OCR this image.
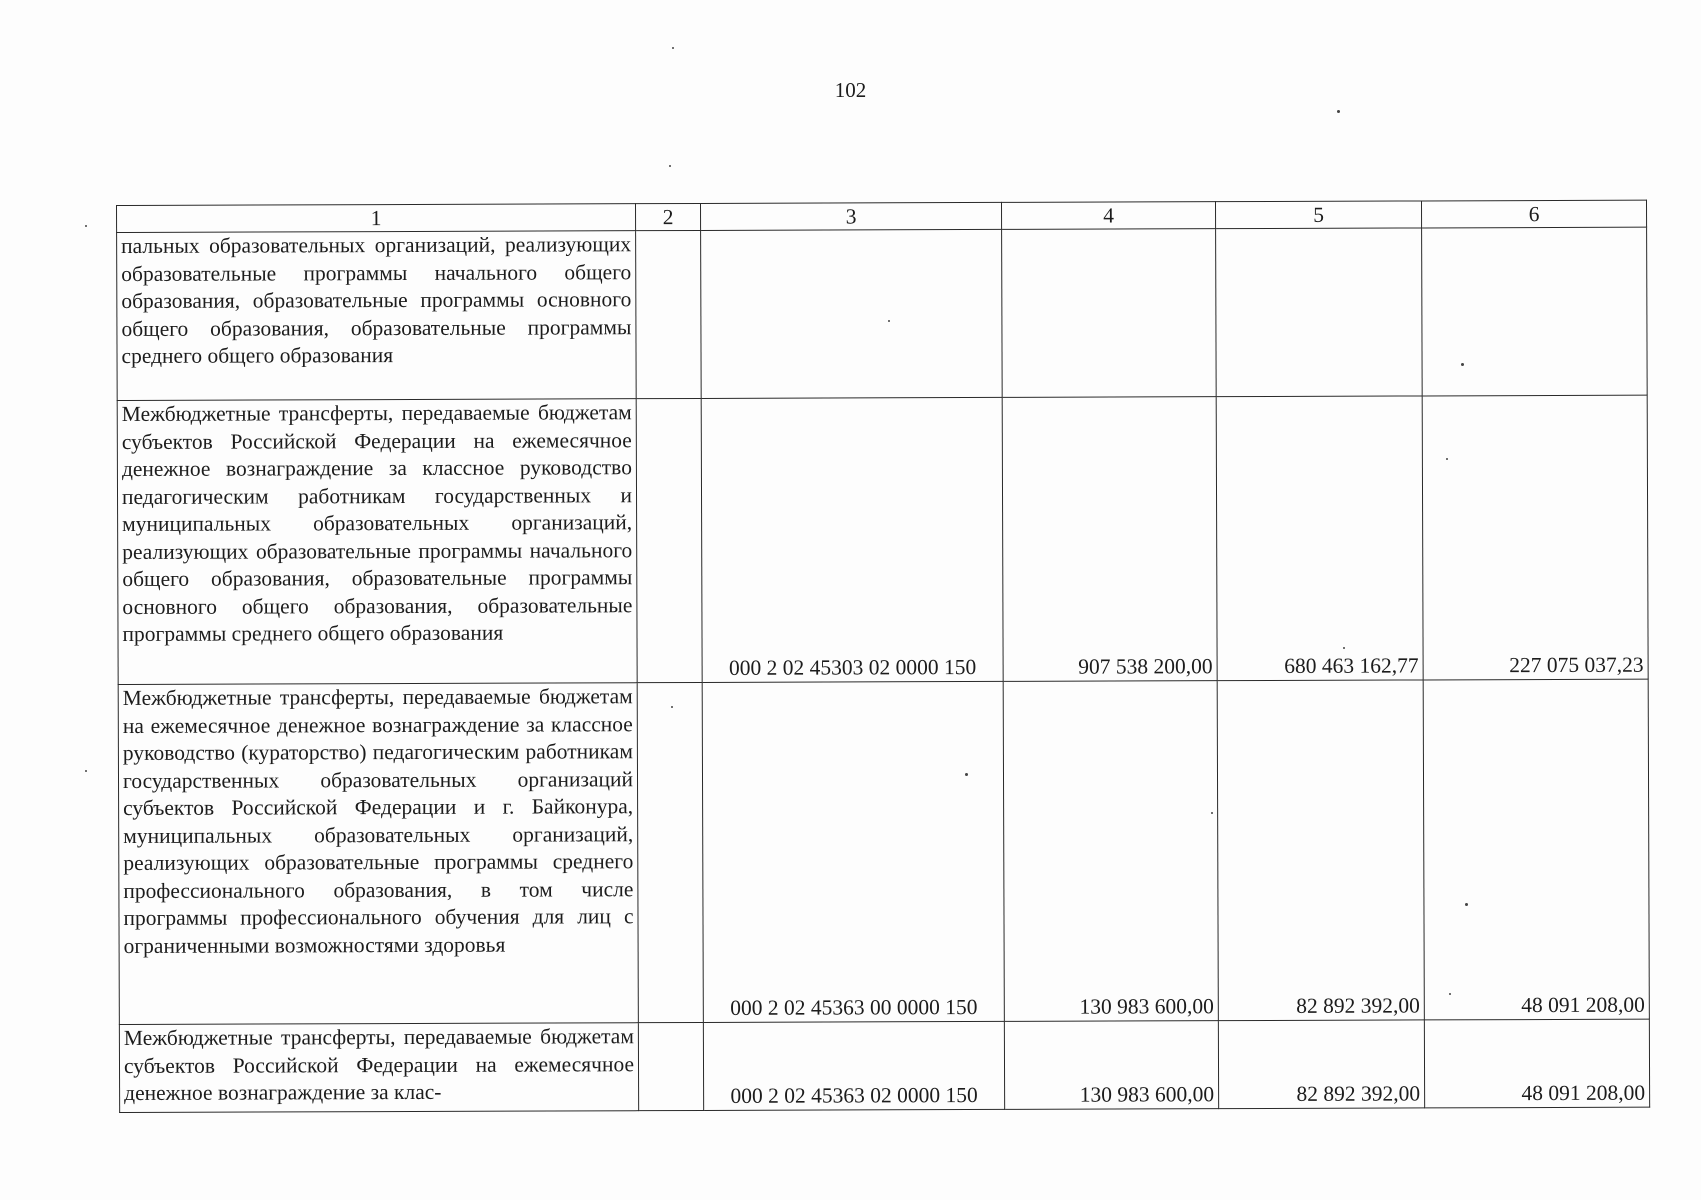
102
1	2	3	4	5	6
пальных образовательных организаций, реализующих образовательные программы начального общего образования, образовательные программы основного общего образования, образовательные программы среднего общего образования					
Межбюджетные трансферты, передаваемые бюджетам субъектов Российской Федерации на ежемесячное денежное вознаграждение за классное руководство педагогическим работникам государственных и муниципальных образовательных организаций, реализующих образовательные программы начального общего образования, образовательные программы основного общего образования, образовательные программы среднего общего образования		000 2 02 45303 02 0000 150	907 538 200,00	680 463 162,77	227 075 037,23
Межбюджетные трансферты, передаваемые бюджетам на ежемесячное денежное вознаграждение за классное руководство (кураторство) педагогическим работникам государственных образовательных организаций субъектов Российской Федерации и г. Байконура, муниципальных образовательных организаций, реализующих образовательные программы среднего профессионального образования, в том числе программы профессионального обучения для лиц с ограниченными возможностями здоровья		000 2 02 45363 00 0000 150	130 983 600,00	82 892 392,00	48 091 208,00
Межбюджетные трансферты, передаваемые бюджетам субъектов Российской Федерации на ежемесячное денежное вознаграждение за клас-		000 2 02 45363 02 0000 150	130 983 600,00	82 892 392,00	48 091 208,00
